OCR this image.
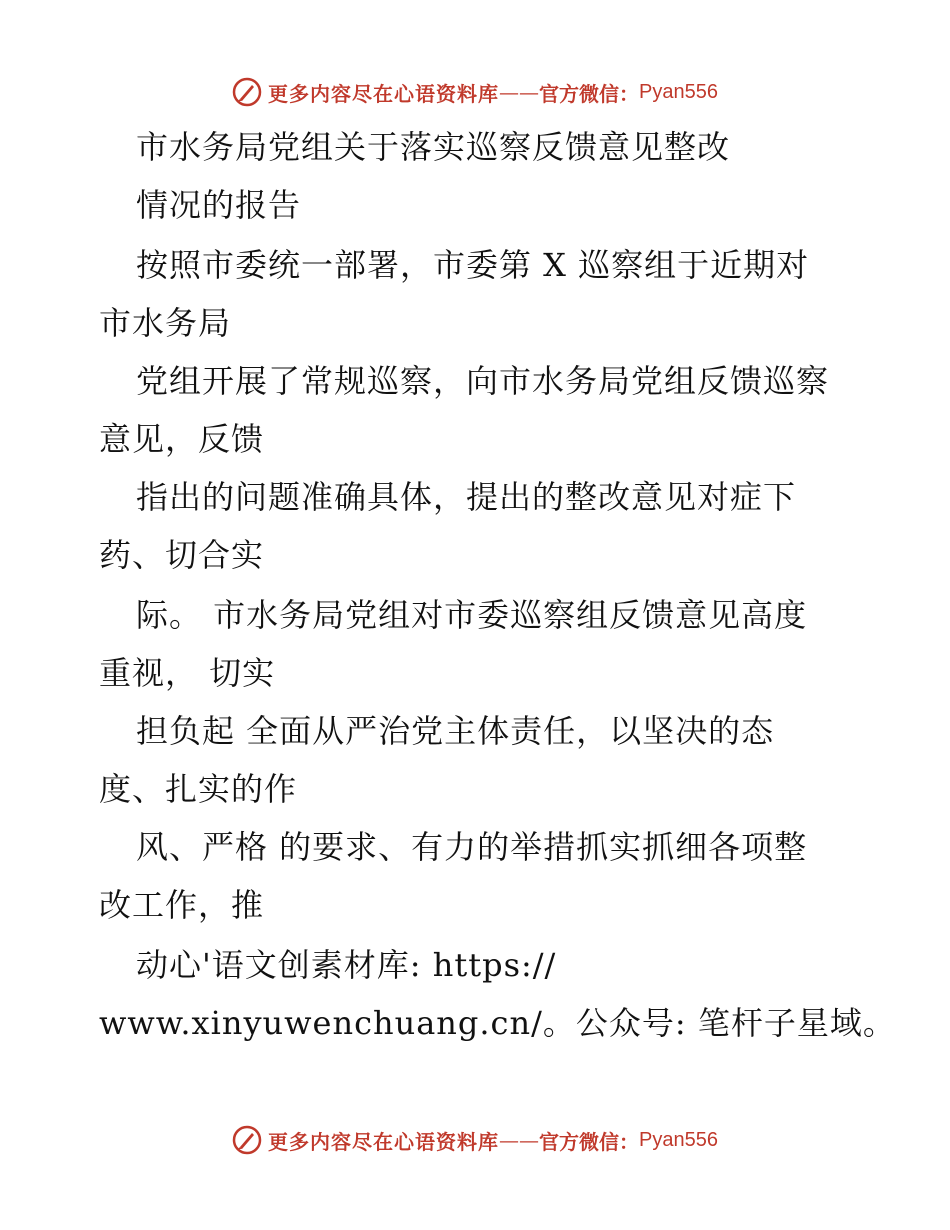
更多内容尽在心语资料库 —— 官方微信： Pyan556
市水务局党组关于落实巡察反馈意见整改
情况的报告
按照市委统一部署，市委第 X 巡察组于近期对
市水务局
党组开展了常规巡察，向市水务局党组反馈巡察
意见，反馈
指出的问题准确具体，提出的整改意见对症下
药、切合实
际。 市水务局党组对市委巡察组反馈意见高度
重视， 切实
担负起 全面从严治党主体责任，以坚决的态
度、扎实的作
风、严格 的要求、有力的举措抓实抓细各项整
改工作，推
动心'语文创素材库: https://
www.xinyuwenchuang.cn/。公众号: 笔杆子星域。
更多内容尽在心语资料库 —— 官方微信： Pyan556
